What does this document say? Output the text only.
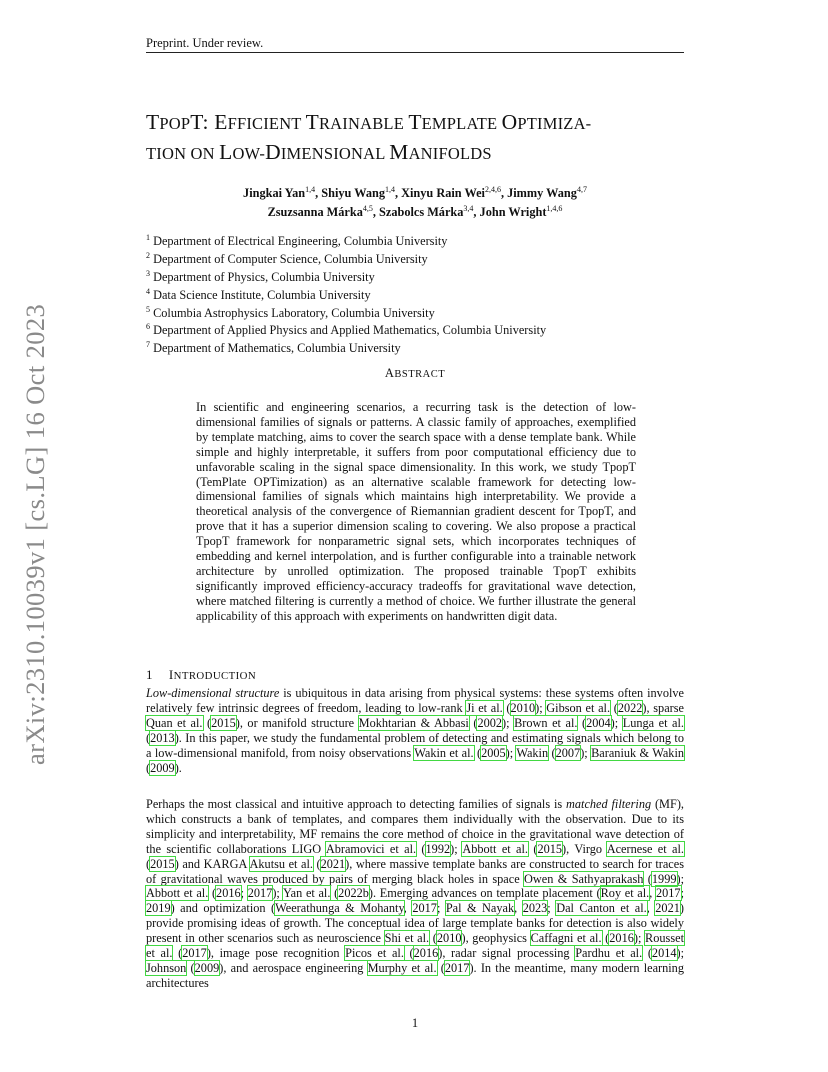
Preprint. Under review.
TPOPT: EFFICIENT TRAINABLE TEMPLATE OPTIMIZA-
TION ON LOW-DIMENSIONAL MANIFOLDS
Jingkai Yan$^{1,4}$, Shiyu Wang$^{1,4}$, Xinyu Rain Wei$^{2,4,6}$, Jimmy Wang$^{4,7}$
Zsuzsanna Márka$^{4,5}$, Szabolcs Márka$^{3,4}$, John Wright$^{1,4,6}$
$^1$ Department of Electrical Engineering, Columbia University
$^2$ Department of Computer Science, Columbia University
$^3$ Department of Physics, Columbia University
$^4$ Data Science Institute, Columbia University
$^5$ Columbia Astrophysics Laboratory, Columbia University
$^6$ Department of Applied Physics and Applied Mathematics, Columbia University
$^7$ Department of Mathematics, Columbia University
ABSTRACT
In scientific and engineering scenarios, a recurring task is the detection of low-dimensional families of signals or patterns. A classic family of approaches, exemplified by template matching, aims to cover the search space with a dense template bank. While simple and highly interpretable, it suffers from poor computational efficiency due to unfavorable scaling in the signal space dimensionality. In this work, we study TpopT (TemPlate OPTimization) as an alternative scalable framework for detecting low-dimensional families of signals which maintains high interpretability. We provide a theoretical analysis of the convergence of Riemannian gradient descent for TpopT, and prove that it has a superior dimension scaling to covering. We also propose a practical TpopT framework for nonparametric signal sets, which incorporates techniques of embedding and kernel interpolation, and is further configurable into a trainable network architecture by unrolled optimization. The proposed trainable TpopT exhibits significantly improved efficiency-accuracy tradeoffs for gravitational wave detection, where matched filtering is currently a method of choice. We further illustrate the general applicability of this approach with experiments on handwritten digit data.
1 INTRODUCTION
Low-dimensional structure is ubiquitous in data arising from physical systems: these systems often involve relatively few intrinsic degrees of freedom, leading to low-rank Ji et al. (2010); Gibson et al. (2022), sparse Quan et al. (2015), or manifold structure Mokhtarian & Abbasi (2002); Brown et al. (2004); Lunga et al. (2013). In this paper, we study the fundamental problem of detecting and estimating signals which belong to a low-dimensional manifold, from noisy observations Wakin et al. (2005); Wakin (2007); Baraniuk & Wakin (2009).
Perhaps the most classical and intuitive approach to detecting families of signals is matched filtering (MF), which constructs a bank of templates, and compares them individually with the observation. Due to its simplicity and interpretability, MF remains the core method of choice in the gravitational wave detection of the scientific collaborations LIGO Abramovici et al. (1992); Abbott et al. (2015), Virgo Acernese et al. (2015) and KARGA Akutsu et al. (2021), where massive template banks are constructed to search for traces of gravitational waves produced by pairs of merging black holes in space Owen & Sathyaprakash (1999); Abbott et al. (2016; 2017); Yan et al. (2022b). Emerging advances on template placement (Roy et al., 2017; 2019) and optimization (Weerathunga & Mohanty, 2017; Pal & Nayak, 2023; Dal Canton et al., 2021) provide promising ideas of growth. The conceptual idea of large template banks for detection is also widely present in other scenarios such as neuroscience Shi et al. (2010), geophysics Caffagni et al. (2016); Rousset et al. (2017), image pose recognition Picos et al. (2016), radar signal processing Pardhu et al. (2014); Johnson (2009), and aerospace engineering Murphy et al. (2017). In the meantime, many modern learning architectures
arXiv:2310.10039v1 [cs.LG] 16 Oct 2023
1
